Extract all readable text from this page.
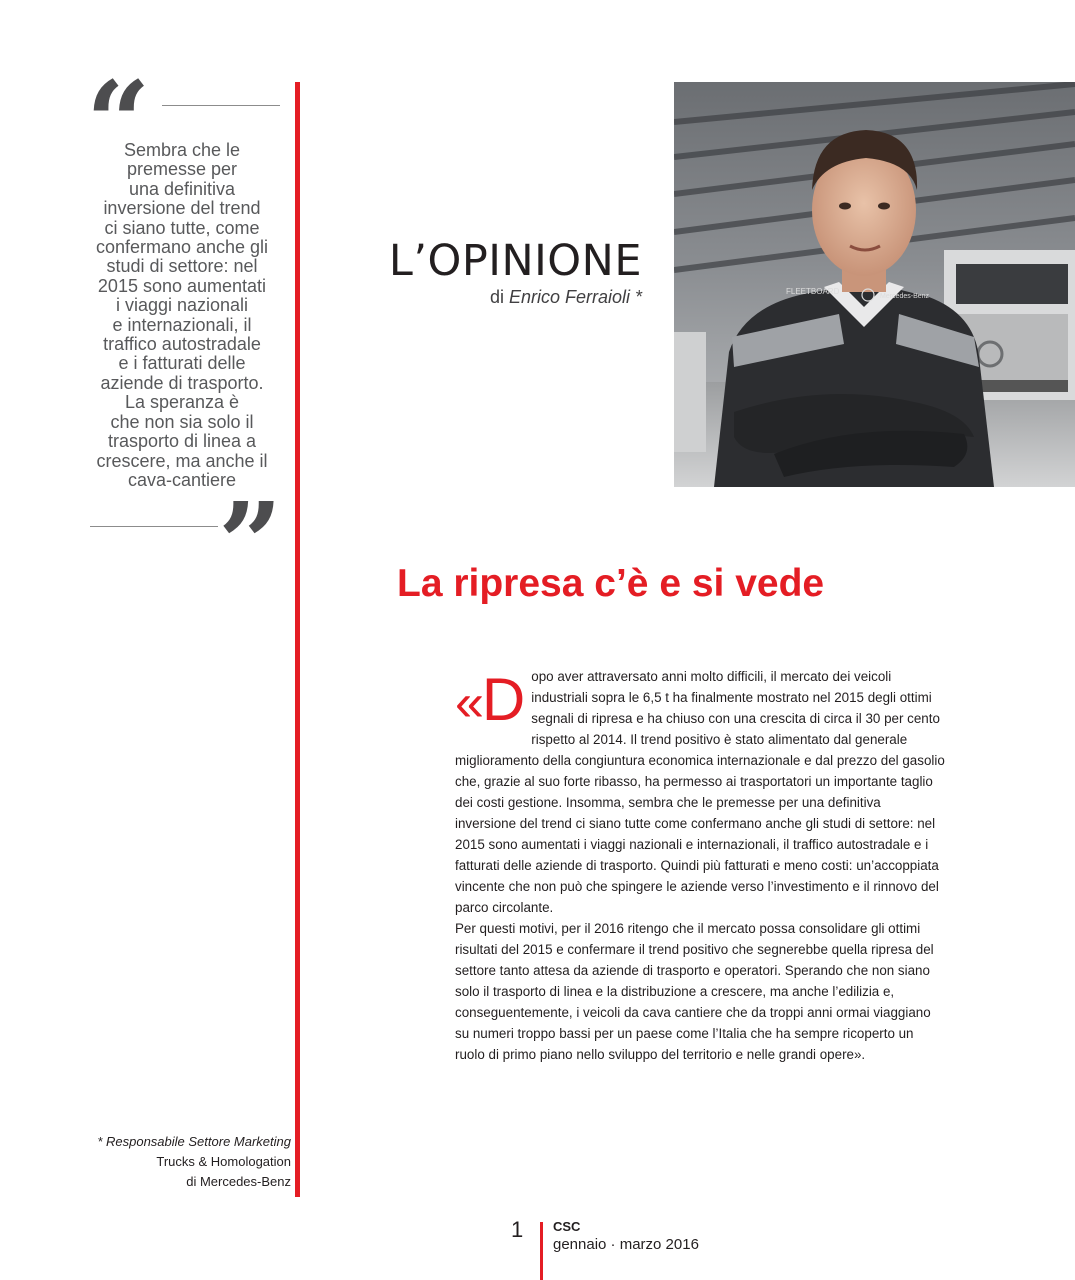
“
Sembra che le
premesse per
una definitiva
inversione del trend
ci siano tutte, come
confermano anche gli
studi di settore: nel
2015 sono aumentati
i viaggi nazionali
e internazionali, il
traffico autostradale
e i fatturati delle
aziende di trasporto.
La speranza è
che non sia solo il
trasporto di linea a
crescere, ma anche il
cava-cantiere
”
* Responsabile Settore Marketing
Trucks & Homologation
di Mercedes-Benz
L’OPINIONE
di Enrico Ferraioli *	FLEETBOARD
Mercedes-Benz
La ripresa c’è e si vede

«D opo aver attraversato anni molto difficili, il mercato dei veicoli industriali sopra le 6,5 t ha finalmente mostrato nel 2015 degli ottimi segnali di ripresa e ha chiuso con una crescita di circa il 30 per cento rispetto al 2014. Il trend positivo è stato alimentato dal generale miglioramento della congiuntura economica internazionale e dal prezzo del gasolio che, grazie al suo forte ribasso, ha permesso ai trasportatori un importante taglio dei costi gestione. Insomma, sembra che le premesse per una definitiva inversione del trend ci siano tutte come confermano anche gli studi di settore: nel 2015 sono aumentati i viaggi nazionali e internazionali, il traffico autostradale e i fatturati delle aziende di trasporto. Quindi più fatturati e meno costi: un’accoppiata vincente che non può che spingere le aziende verso l’investimento e il rinnovo del parco circolante.

Per questi motivi, per il 2016 ritengo che il mercato possa consolidare gli ottimi risultati del 2015 e confermare il trend positivo che segnerebbe quella ripresa del settore tanto attesa da aziende di trasporto e operatori. Sperando che non siano solo il trasporto di linea e la distribuzione a crescere, ma anche l’edilizia e, conseguentemente, i veicoli da cava cantiere che da troppi anni ormai viaggiano su numeri troppo bassi per un paese come l’Italia che ha sempre ricoperto un ruolo di primo piano nello sviluppo del territorio e nelle grandi opere».

1 CSC
gennaio · marzo 2016
